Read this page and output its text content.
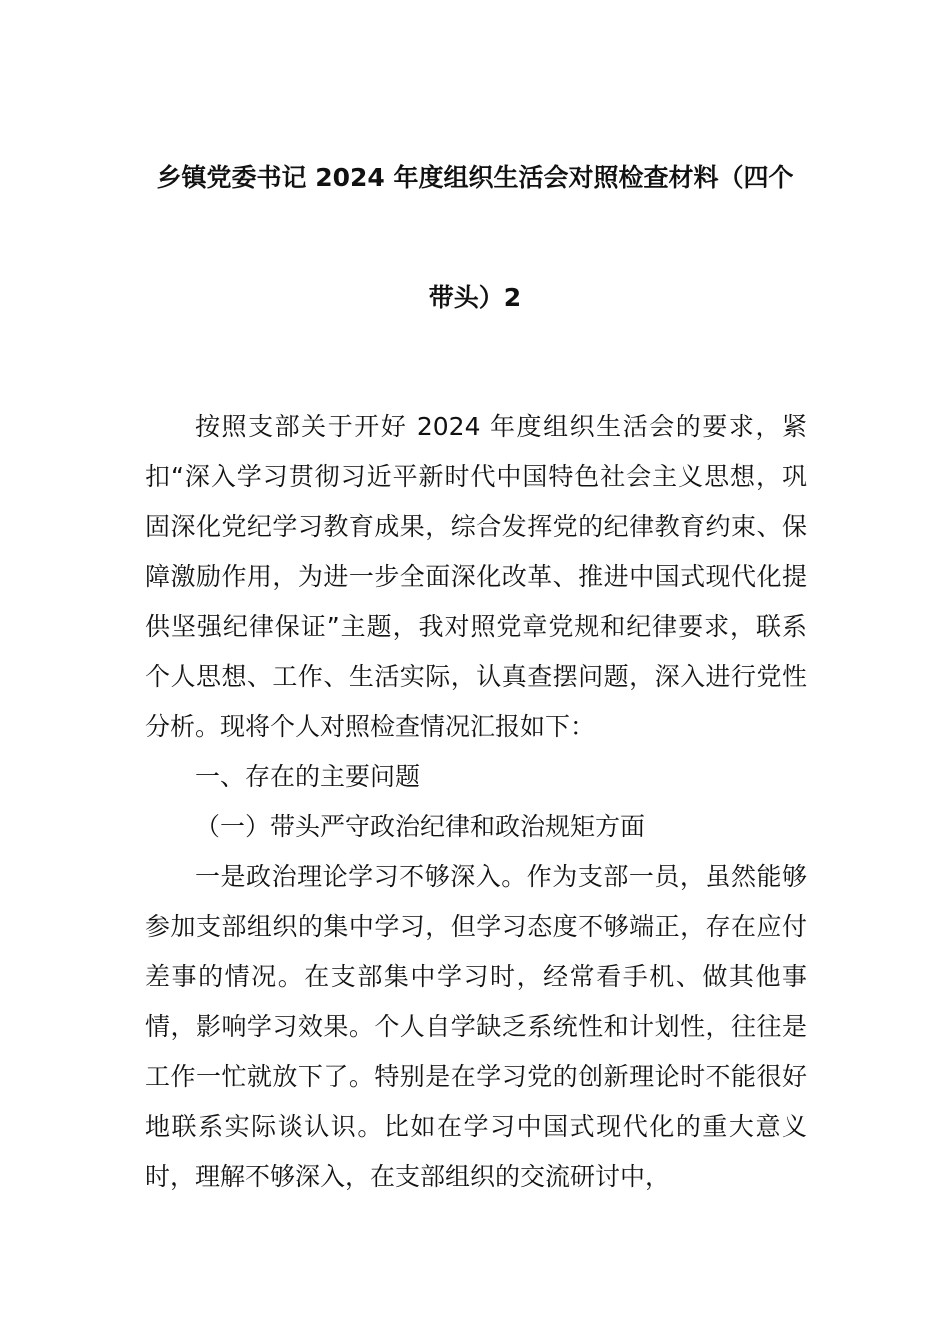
乡镇党委书记 2024 年度组织生活会对照检查材料（四个
带头）2

按照支部关于开好 2024 年度组织生活会的要求，紧扣“深入学习贯彻习近平新时代中国特色社会主义思想，巩固深化党纪学习教育成果，综合发挥党的纪律教育约束、保障激励作用，为进一步全面深化改革、推进中国式现代化提供坚强纪律保证”主题，我对照党章党规和纪律要求，联系个人思想、工作、生活实际，认真查摆问题，深入进行党性分析。现将个人对照检查情况汇报如下：

一、存在的主要问题

（一）带头严守政治纪律和政治规矩方面

一是政治理论学习不够深入。作为支部一员，虽然能够参加支部组织的集中学习，但学习态度不够端正，存在应付差事的情况。在支部集中学习时，经常看手机、做其他事情，影响学习效果。个人自学缺乏系统性和计划性，往往是工作一忙就放下了。特别是在学习党的创新理论时不能很好地联系实际谈认识。比如在学习中国式现代化的重大意义时，理解不够深入，在支部组织的交流研讨中，
